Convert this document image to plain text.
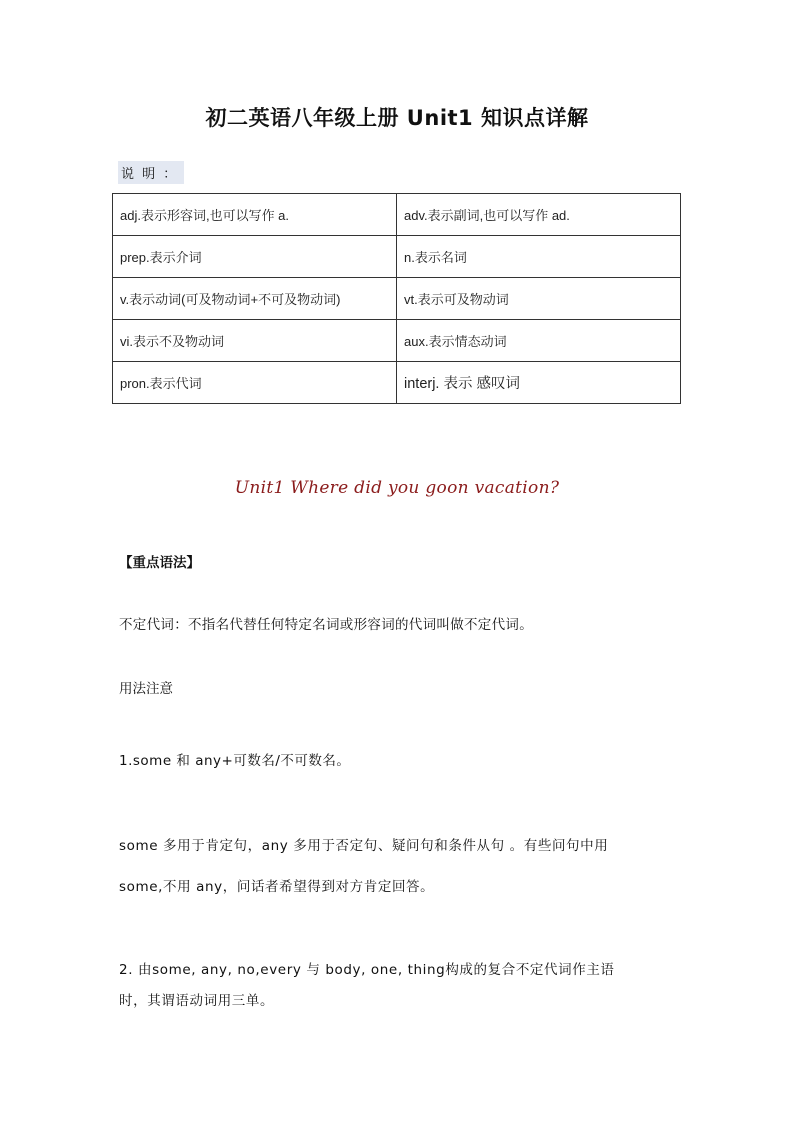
初二英语八年级上册 Unit1 知识点详解
说 明 ：
adj.表示形容词,也可以写作 a.	adv.表示副词,也可以写作 ad.
prep.表示介词	n.表示名词
v.表示动词(可及物动词+不可及物动词)	vt.表示可及物动词
vi.表示不及物动词	aux.表示情态动词
pron.表示代词	interj. 表示 感叹词
Unit1 Where did you goon vacation?
【重点语法】
不定代词：不指名代替任何特定名词或形容词的代词叫做不定代词。
用法注意
1.some 和 any+可数名/不可数名。
some 多用于肯定句，any 多用于否定句、疑问句和条件从句 。有些问句中用
some,不用 any，问话者希望得到对方肯定回答。
2. 由some, any, no,every 与 body, one, thing构成的复合不定代词作主语
时，其谓语动词用三单。
